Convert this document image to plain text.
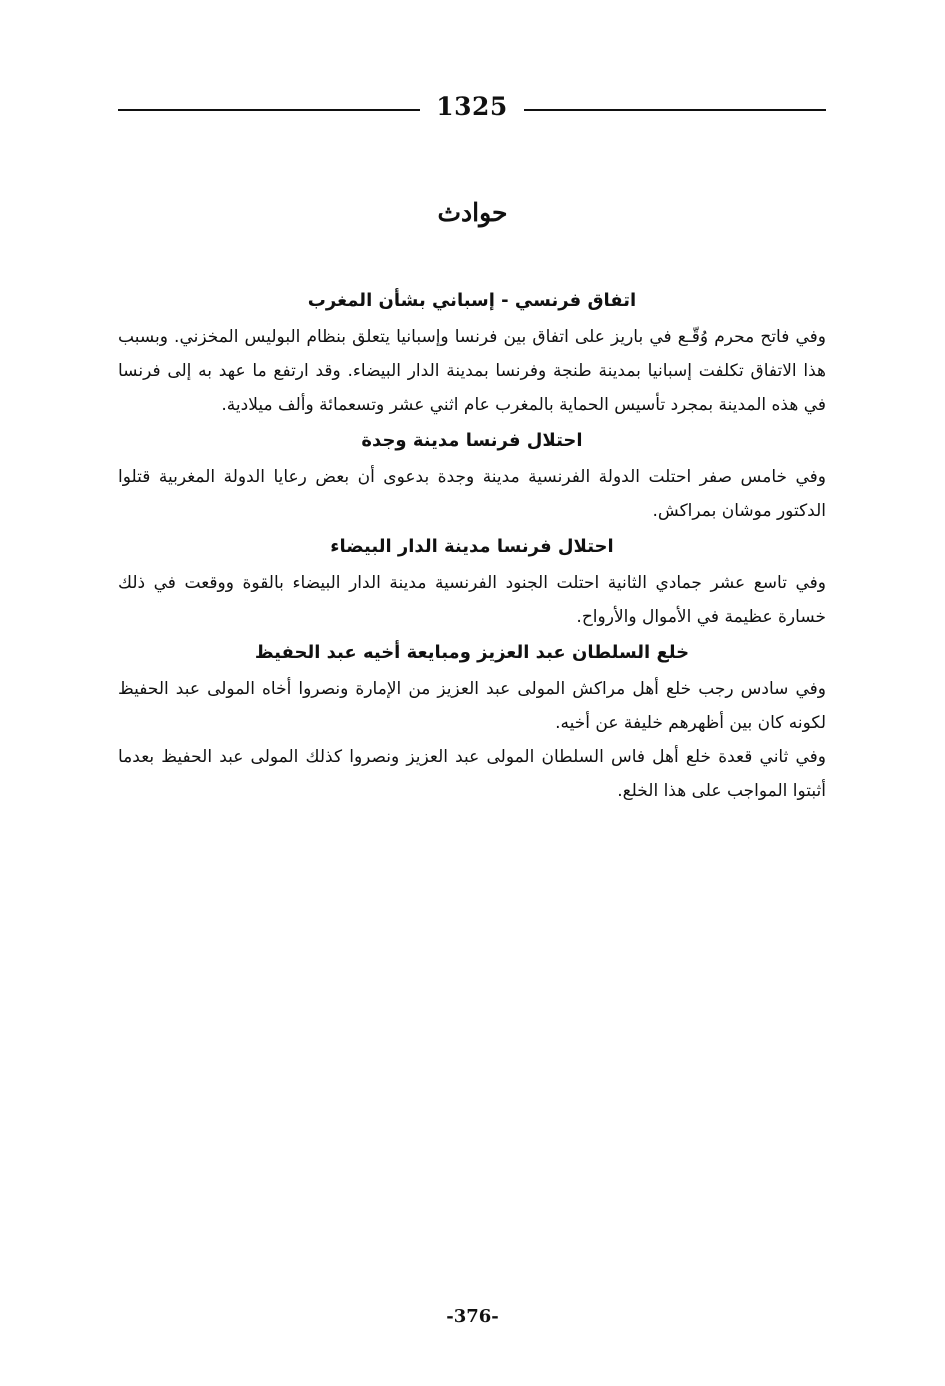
1325
حوادث

اتفاق فرنسي - إسباني بشأن المغرب

وفي فاتح محرم وُقّـع في باريز على اتفاق بين فرنسا وإسبانيا يتعلق بنظام البوليس المخزني. وبسبب هذا الاتفاق تكلفت إسبانيا بمدينة طنجة وفرنسا بمدينة الدار البيضاء. وقد ارتفع ما عهد به إلى فرنسا في هذه المدينة بمجرد تأسيس الحماية بالمغرب عام اثني عشر وتسعمائة وألف ميلادية.

احتلال فرنسا مدينة وجدة

وفي خامس صفر احتلت الدولة الفرنسية مدينة وجدة بدعوى أن بعض رعايا الدولة المغربية قتلوا الدكتور موشان بمراكش.

احتلال فرنسا مدينة الدار البيضاء

وفي تاسع عشر جمادي الثانية احتلت الجنود الفرنسية مدينة الدار البيضاء بالقوة ووقعت في ذلك خسارة عظيمة في الأموال والأرواح.

خلع السلطان عبد العزيز ومبايعة أخيه عبد الحفيظ

وفي سادس رجب خلع أهل مراكش المولى عبد العزيز من الإمارة ونصروا أخاه المولى عبد الحفيظ لكونه كان بين أظهرهم خليفة عن أخيه.

وفي ثاني قعدة خلع أهل فاس السلطان المولى عبد العزيز ونصروا كذلك المولى عبد الحفيظ بعدما أثبتوا المواجب على هذا الخلع.

-376-
